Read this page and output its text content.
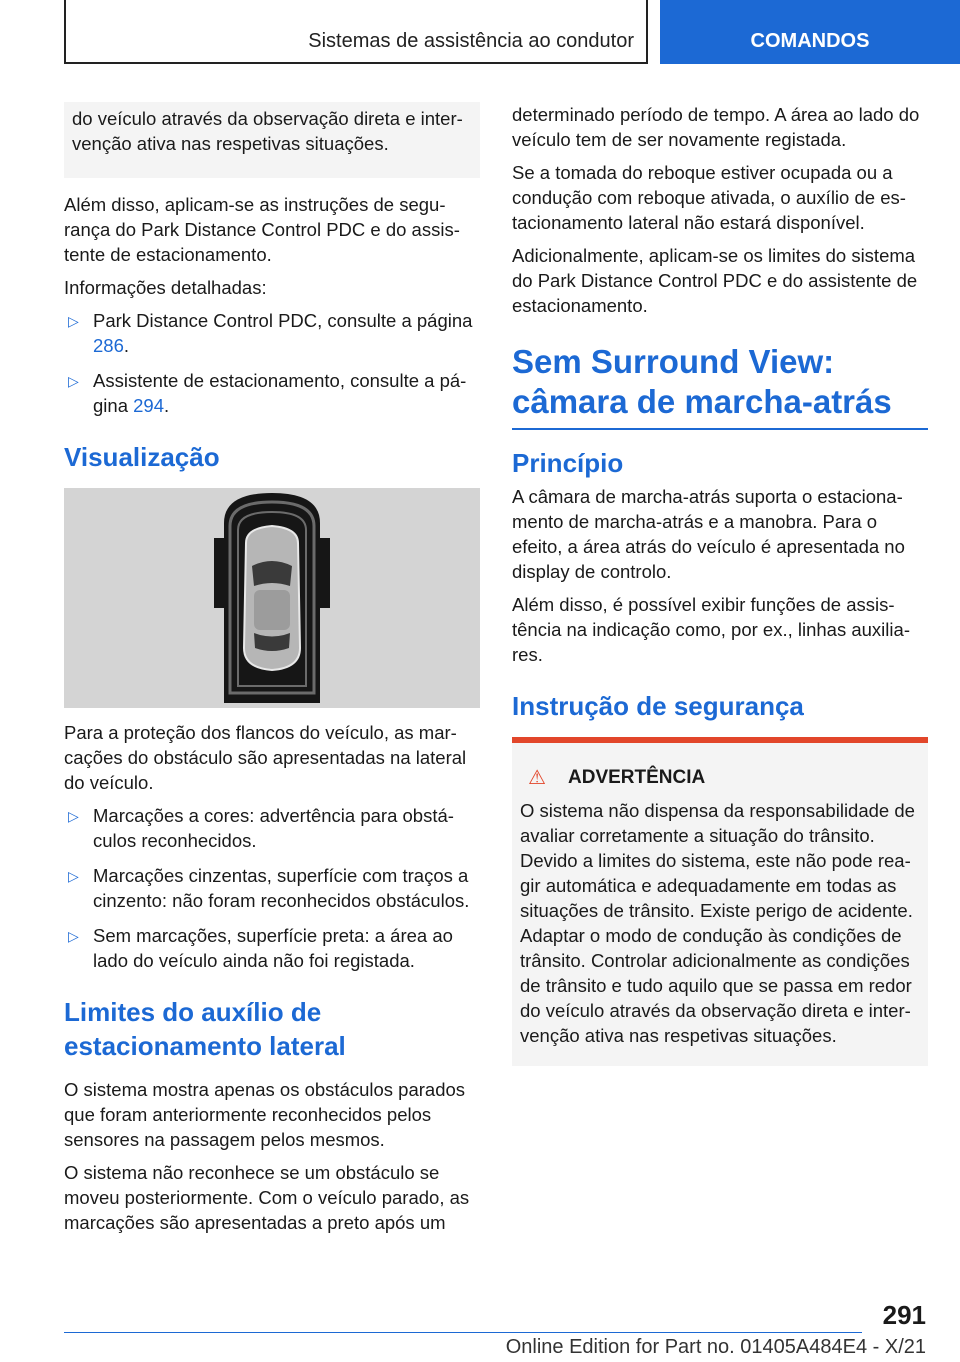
Sistemas de assistência ao condutor	COMANDOS

do veículo através da observação direta e intervenção ativa nas respetivas situações.

Além disso, aplicam-se as instruções de segurança do Park Distance Control PDC e do assistente de estacionamento.

Informações detalhadas:

▷ Park Distance Control PDC, consulte a página 286.
▷ Assistente de estacionamento, consulte a página 294.
Visualização

Para a proteção dos flancos do veículo, as marcações do obstáculo são apresentadas na lateral do veículo.

▷ Marcações a cores: advertência para obstáculos reconhecidos.
▷ Marcações cinzentas, superfície com traços a cinzento: não foram reconhecidos obstáculos.
▷ Sem marcações, superfície preta: a área ao lado do veículo ainda não foi registada.
Limites do auxílio de estacionamento lateral

O sistema mostra apenas os obstáculos parados que foram anteriormente reconhecidos pelos sensores na passagem pelos mesmos.

O sistema não reconhece se um obstáculo se moveu posteriormente. Com o veículo parado, as marcações são apresentadas a preto após um

determinado período de tempo. A área ao lado do veículo tem de ser novamente registada.

Se a tomada do reboque estiver ocupada ou a condução com reboque ativada, o auxílio de estacionamento lateral não estará disponível.

Adicionalmente, aplicam-se os limites do sistema do Park Distance Control PDC e do assistente de estacionamento.

Sem Surround View: câmara de marcha-atrás
Princípio

A câmara de marcha-atrás suporta o estacionamento de marcha-atrás e a manobra. Para o efeito, a área atrás do veículo é apresentada no display de controlo.

Além disso, é possível exibir funções de assistência na indicação como, por ex., linhas auxiliares.

Instrução de segurança
⚠	ADVERTÊNCIA

O sistema não dispensa da responsabilidade de avaliar corretamente a situação do trânsito. Devido a limites do sistema, este não pode reagir automática e adequadamente em todas as situações de trânsito. Existe perigo de acidente. Adaptar o modo de condução às condições de trânsito. Controlar adicionalmente as condições de trânsito e tudo aquilo que se passa em redor do veículo através da observação direta e intervenção ativa nas respetivas situações.

291
Online Edition for Part no. 01405A484E4 - X/21
